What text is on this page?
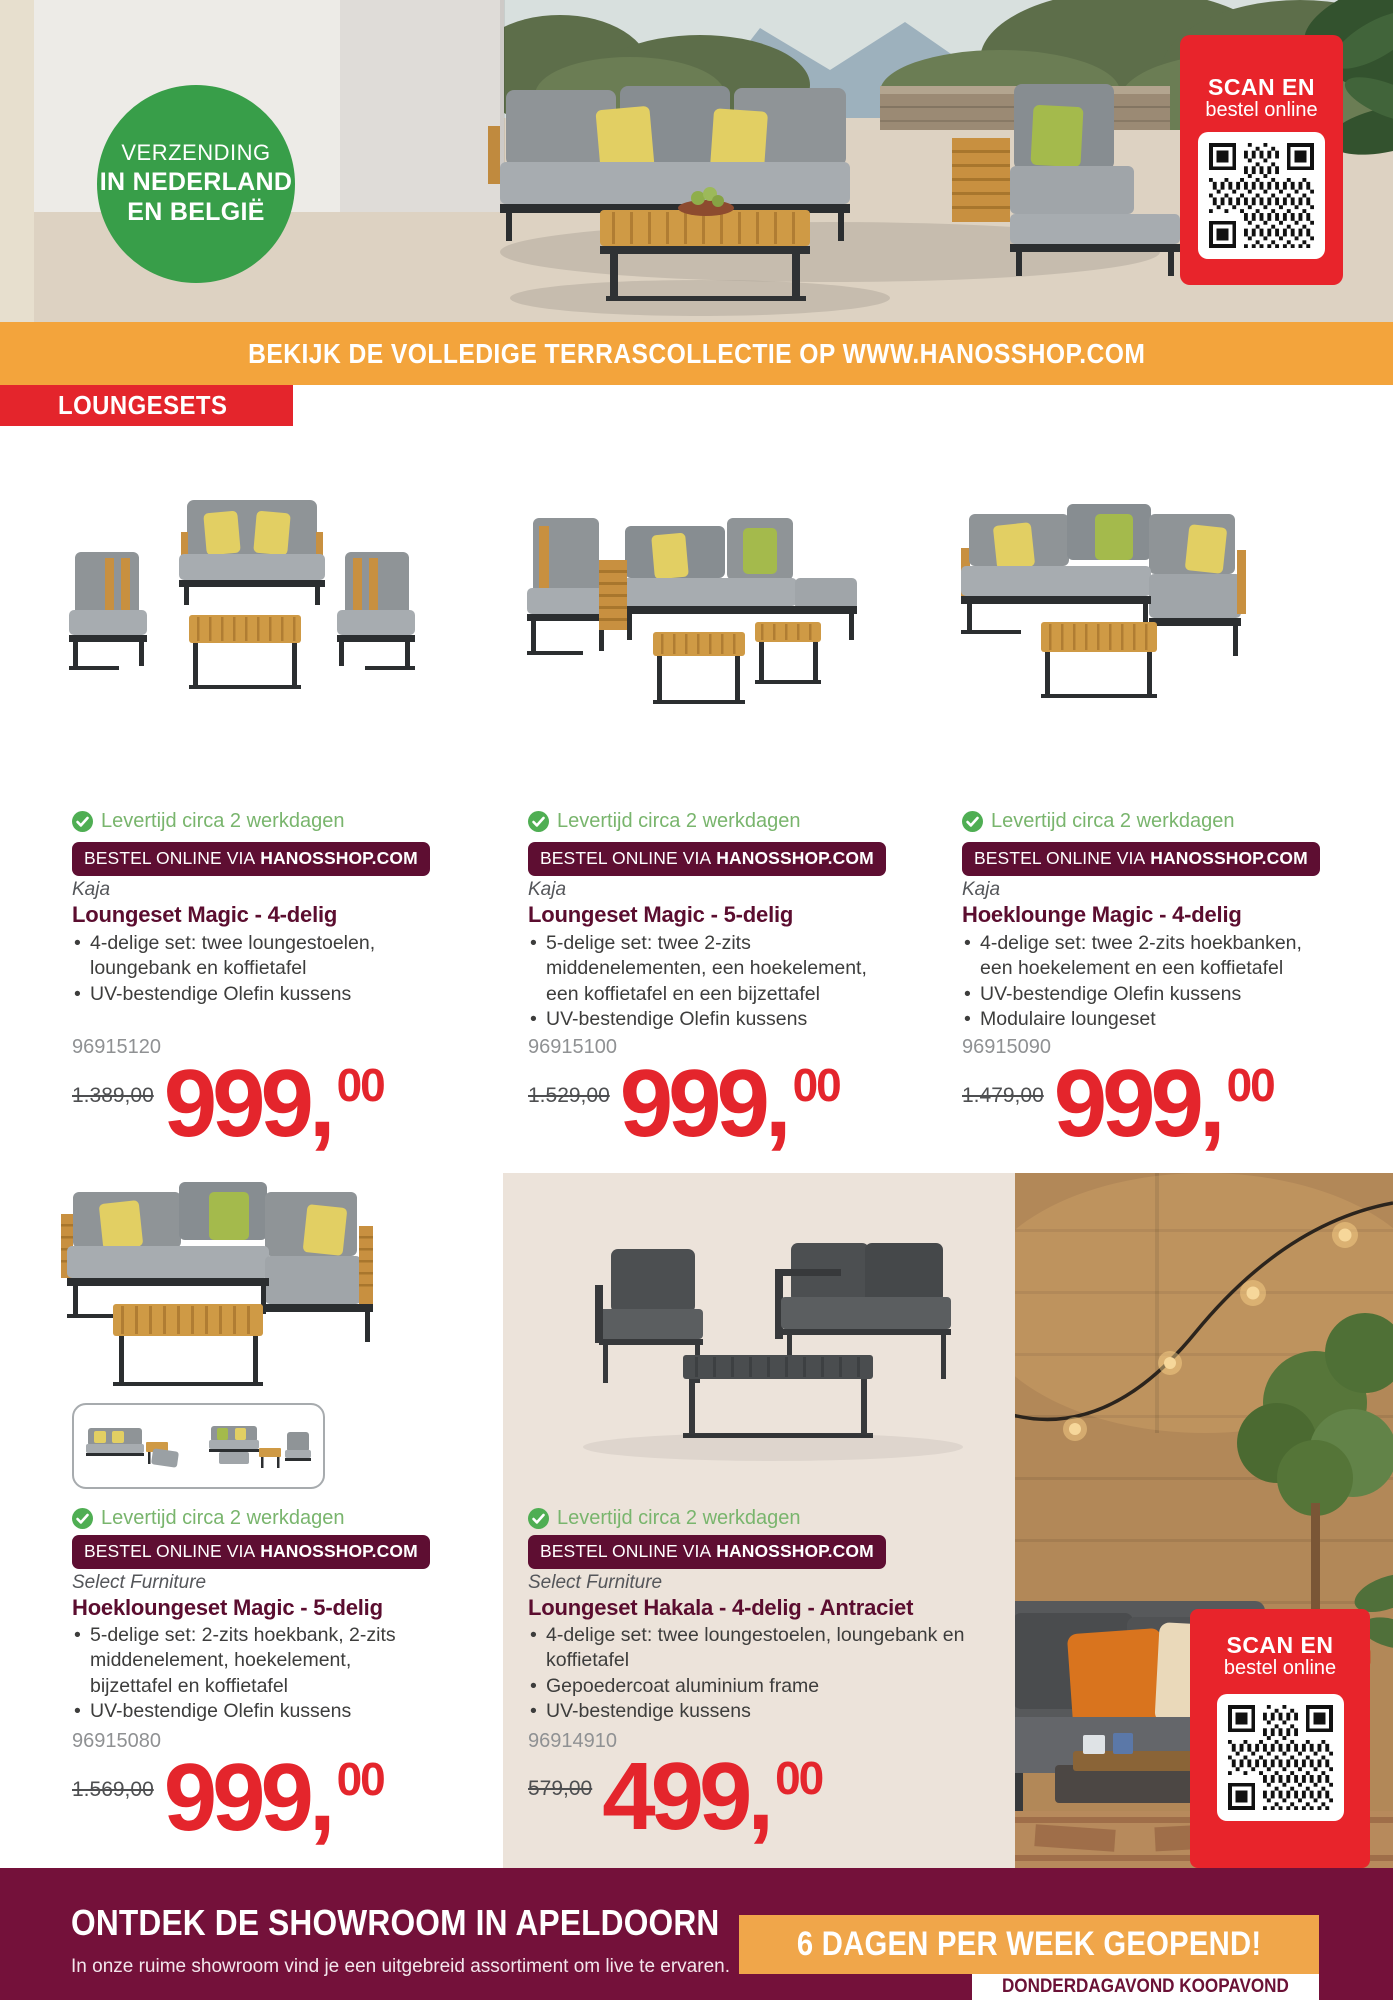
VERZENDING
IN NEDERLAND
EN BELGIË
SCAN EN
bestel online
BEKIJK DE VOLLEDIGE TERRASCOLLECTIE OP WWW.HANOSSHOP.COM
LOUNGESETS
Levertijd circa 2 werkdagen
BESTEL ONLINE VIA HANOSSHOP.COM
Kaja
Loungeset Magic - 4-delig
• 4-delige set: twee loungestoelen, loungebank en koffietafel
• UV-bestendige Olefin kussens
96915120
1.389,00 999, 00
Levertijd circa 2 werkdagen
BESTEL ONLINE VIA HANOSSHOP.COM
Kaja
Loungeset Magic - 5-delig
• 5-delige set: twee 2-zits middenelementen, een hoekelement, een koffietafel en een bijzettafel
• UV-bestendige Olefin kussens
96915100
1.529,00 999, 00
Levertijd circa 2 werkdagen
BESTEL ONLINE VIA HANOSSHOP.COM
Kaja
Hoeklounge Magic - 4-delig
• 4-delige set: twee 2-zits hoekbanken, een hoekelement en een koffietafel
• UV-bestendige Olefin kussens
• Modulaire loungeset
96915090
1.479,00 999, 00
Levertijd circa 2 werkdagen
BESTEL ONLINE VIA HANOSSHOP.COM
Select Furniture
Hoekloungeset Magic - 5-delig
• 5-delige set: 2-zits hoekbank, 2-zits middenelement, hoekelement, bijzettafel en koffietafel
• UV-bestendige Olefin kussens
96915080
1.569,00 999, 00
Levertijd circa 2 werkdagen
BESTEL ONLINE VIA HANOSSHOP.COM
Select Furniture
Loungeset Hakala - 4-delig - Antraciet
• 4-delige set: twee loungestoelen, loungebank en koffietafel
• Gepoedercoat aluminium frame
• UV-bestendige kussens
96914910
579,00 499, 00
SCAN EN
bestel online
ONTDEK DE SHOWROOM IN APELDOORN
In onze ruime showroom vind je een uitgebreid assortiment om live te ervaren.
6 DAGEN PER WEEK GEOPEND!
DONDERDAGAVOND KOOPAVOND
